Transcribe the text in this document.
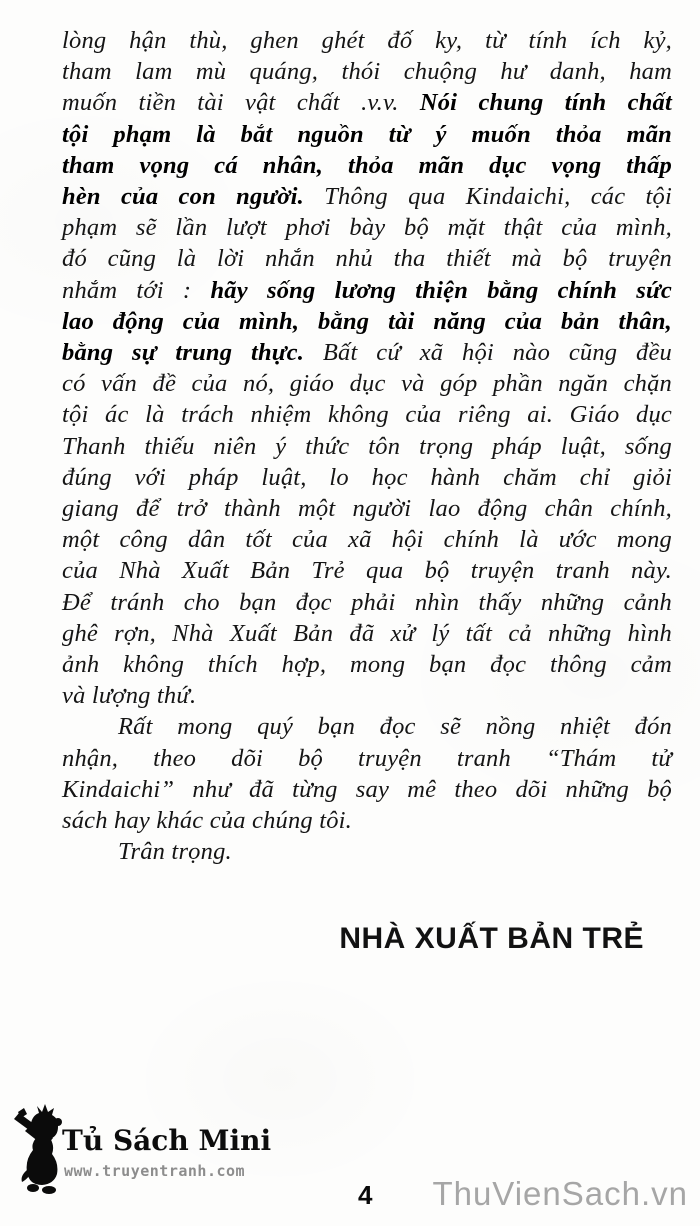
lòng hận thù, ghen ghét đố ky, từ tính ích kỷ,
tham lam mù quáng, thói chuộng hư danh, ham
muốn tiền tài vật chất .v.v. Nói chung tính chất
tội phạm là bắt nguồn từ ý muốn thỏa mãn
tham vọng cá nhân, thỏa mãn dục vọng thấp
hèn của con người. Thông qua Kindaichi, các tội
phạm sẽ lần lượt phơi bày bộ mặt thật của mình,
đó cũng là lời nhắn nhủ tha thiết mà bộ truyện
nhắm tới : hãy sống lương thiện bằng chính sức
lao động của mình, bằng tài năng của bản thân,
bằng sự trung thực. Bất cứ xã hội nào cũng đều
có vấn đề của nó, giáo dục và góp phần ngăn chặn
tội ác là trách nhiệm không của riêng ai. Giáo dục
Thanh thiếu niên ý thức tôn trọng pháp luật, sống
đúng với pháp luật, lo học hành chăm chỉ giỏi
giang để trở thành một người lao động chân chính,
một công dân tốt của xã hội chính là ước mong
của Nhà Xuất Bản Trẻ qua bộ truyện tranh này.
Để tránh cho bạn đọc phải nhìn thấy những cảnh
ghê rợn, Nhà Xuất Bản đã xử lý tất cả những hình
ảnh không thích hợp, mong bạn đọc thông cảm
và lượng thứ.
Rất mong quý bạn đọc sẽ nồng nhiệt đón
nhận, theo dõi bộ truyện tranh “Thám tử
Kindaichi” như đã từng say mê theo dõi những bộ
sách hay khác của chúng tôi.
Trân trọng.
NHÀ XUẤT BẢN TRẺ
Tủ Sách Mini
www.truyentranh.com
4 ThuVienSach.vn
